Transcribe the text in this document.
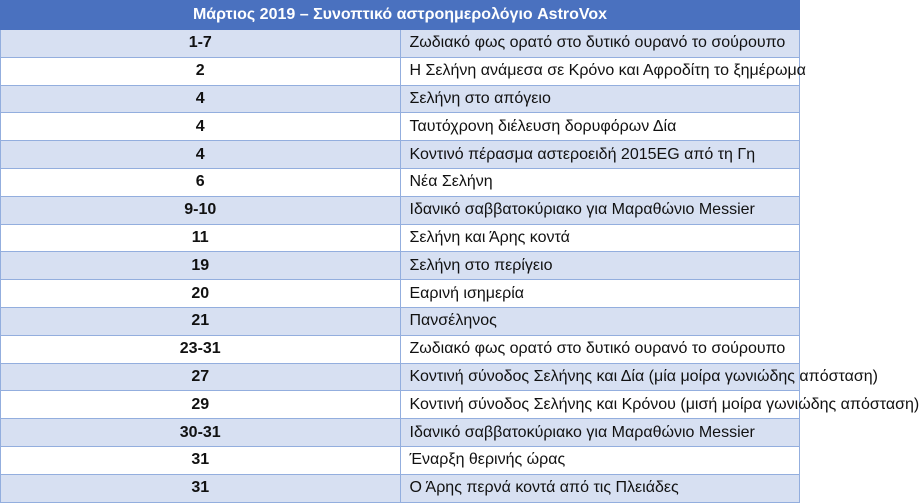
Μάρτιος 2019 – Συνοπτικό αστροημερολόγιο AstroVox	
1-7	Ζωδιακό φως ορατό στο δυτικό ουρανό το σούρουπο
2	Η Σελήνη ανάμεσα σε Κρόνο και Αφροδίτη το ξημέρωμα
4	Σελήνη στο απόγειο
4	Ταυτόχρονη διέλευση δορυφόρων Δία
4	Κοντινό πέρασμα αστεροειδή 2015EG από τη Γη
6	Νέα Σελήνη
9-10	Ιδανικό σαββατοκύριακο για Μαραθώνιο Messier
11	Σελήνη και Άρης κοντά
19	Σελήνη στο περίγειο
20	Εαρινή ισημερία
21	Πανσέληνος
23-31	Ζωδιακό φως ορατό στο δυτικό ουρανό το σούρουπο
27	Κοντινή σύνοδος Σελήνης και Δία (μία μοίρα γωνιώδης απόσταση)
29	Κοντινή σύνοδος Σελήνης και Κρόνου (μισή μοίρα γωνιώδης απόσταση)
30-31	Ιδανικό σαββατοκύριακο για Μαραθώνιο Messier
31	Έναρξη θερινής ώρας
31	Ο Άρης περνά κοντά από τις Πλειάδες
